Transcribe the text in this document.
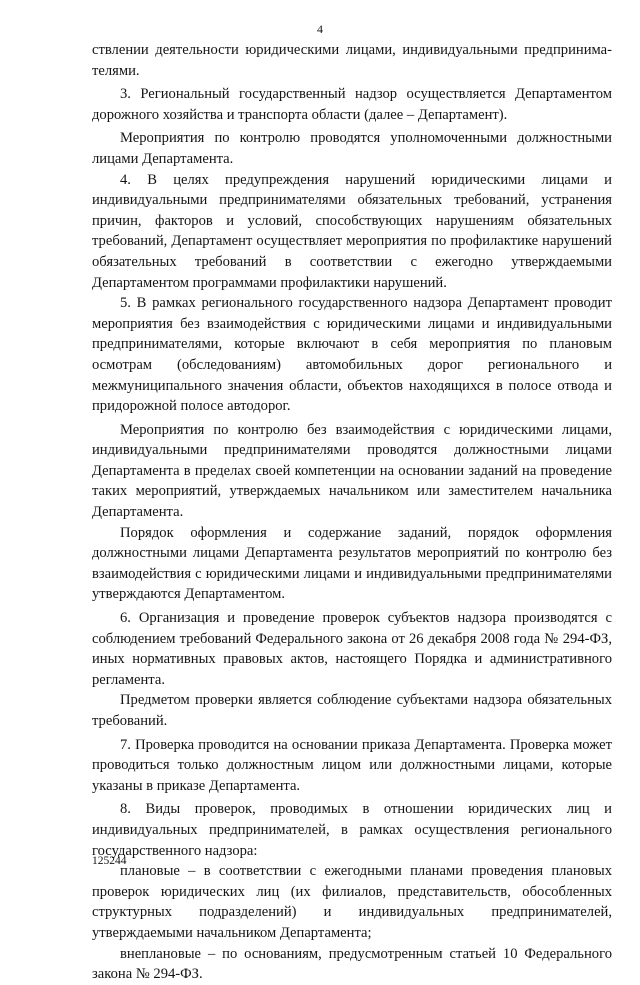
4

ствлении деятельности юридическими лицами, индивидуальными предпринима-телями.

3. Региональный государственный надзор осуществляется Департаментом дорожного хозяйства и транспорта области (далее – Департамент).

Мероприятия по контролю проводятся уполномоченными должностными лицами Департамента.

4. В целях предупреждения нарушений юридическими лицами и индивидуальными предпринимателями обязательных требований, устранения причин, факторов и условий, способствующих нарушениям обязательных требований, Департамент осуществляет мероприятия по профилактике нарушений обязательных требований в соответствии с ежегодно утверждаемыми Департаментом программами профилактики нарушений.

5. В рамках регионального государственного надзора Департамент проводит мероприятия без взаимодействия с юридическими лицами и индивидуальными предпринимателями, которые включают в себя мероприятия по плановым осмотрам (обследованиям) автомобильных дорог регионального и межмуниципального значения области, объектов находящихся в полосе отвода и придорожной полосе автодорог.

Мероприятия по контролю без взаимодействия с юридическими лицами, индивидуальными предпринимателями проводятся должностными лицами Департамента в пределах своей компетенции на основании заданий на проведение таких мероприятий, утверждаемых начальником или заместителем начальника Департамента.

Порядок оформления и содержание заданий, порядок оформления должностными лицами Департамента результатов мероприятий по контролю без взаимодействия с юридическими лицами и индивидуальными предпринимателями утверждаются Департаментом.

6. Организация и проведение проверок субъектов надзора производятся с соблюдением требований Федерального закона от 26 декабря 2008 года № 294-ФЗ, иных нормативных правовых актов, настоящего Порядка и административного регламента.

Предметом проверки является соблюдение субъектами надзора обязательных требований.

7. Проверка проводится на основании приказа Департамента. Проверка может проводиться только должностным лицом или должностными лицами, которые указаны в приказе Департамента.

8. Виды проверок, проводимых в отношении юридических лиц и индивидуальных предпринимателей, в рамках осуществления регионального государственного надзора:

плановые – в соответствии с ежегодными планами проведения плановых проверок юридических лиц (их филиалов, представительств, обособленных структурных подразделений) и индивидуальных предпринимателей, утверждаемыми начальником Департамента;

внеплановые – по основаниям, предусмотренным статьей 10 Федерального закона № 294-ФЗ.

125244
